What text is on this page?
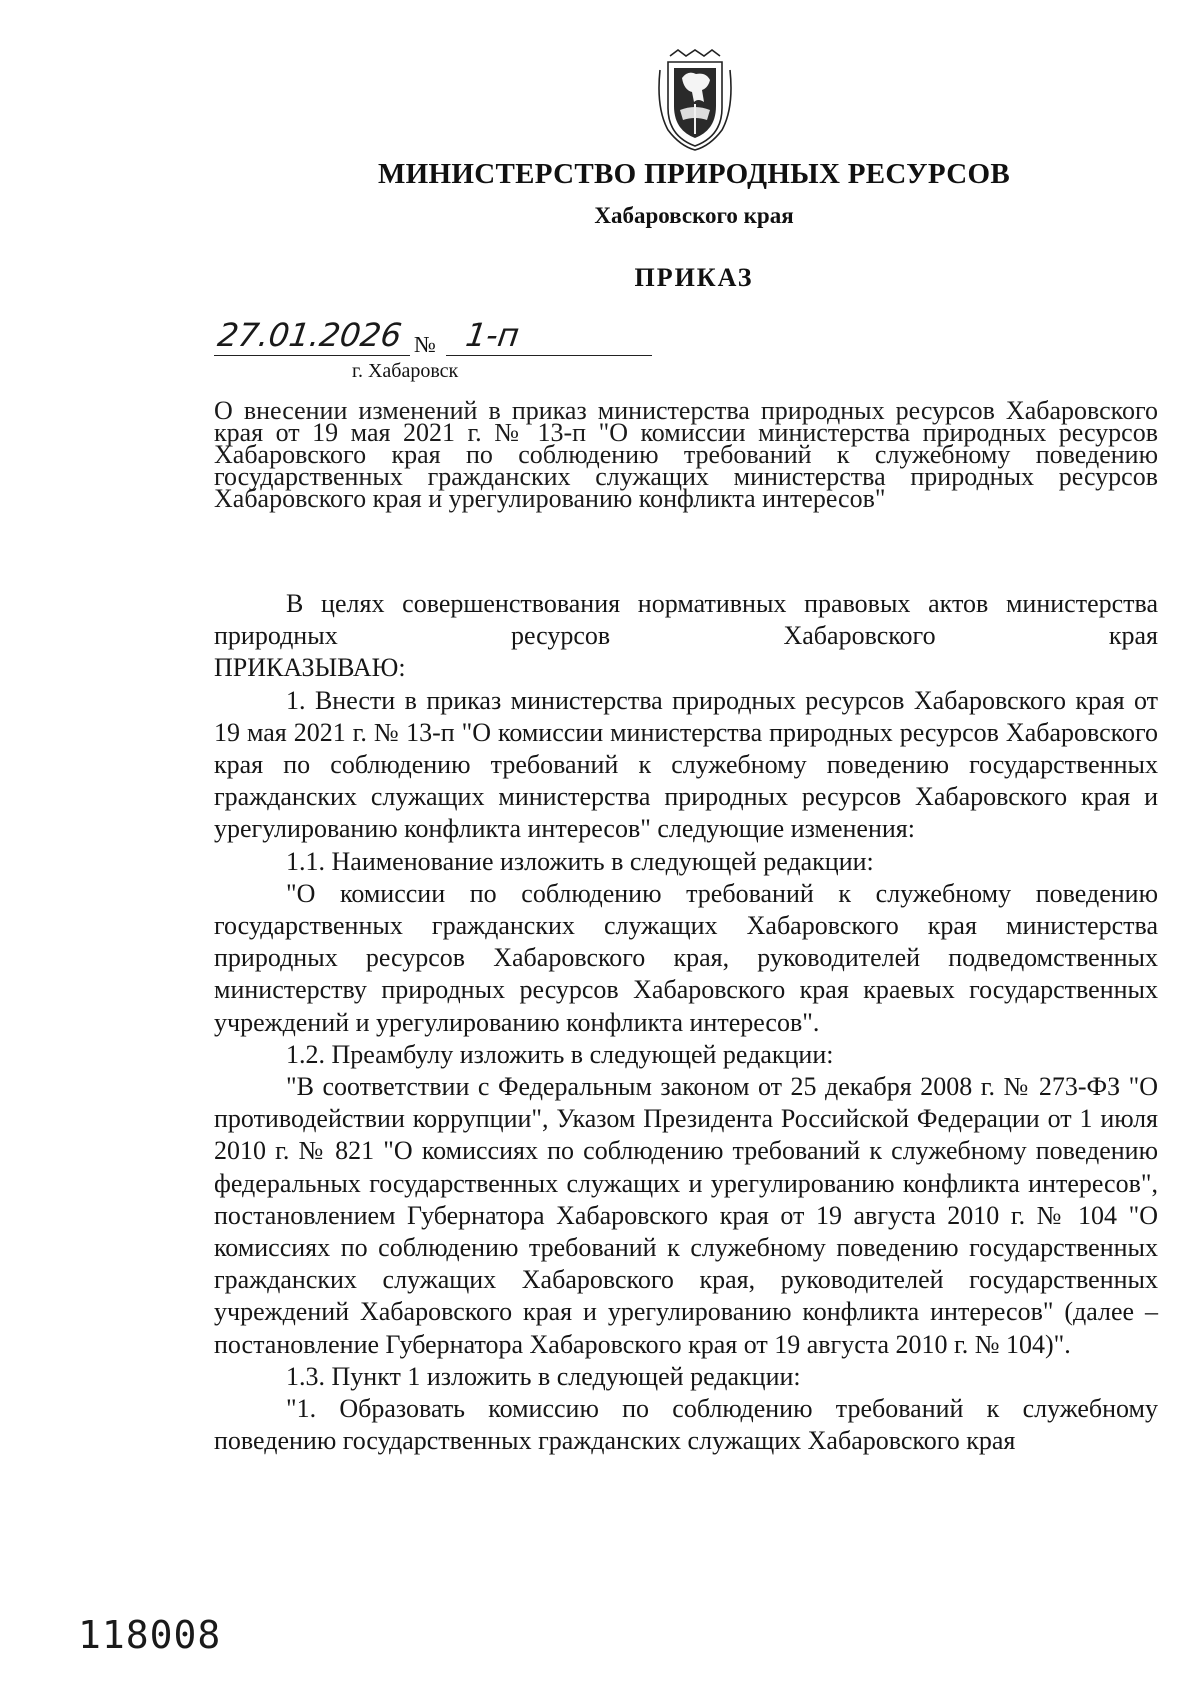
МИНИСТЕРСТВО ПРИРОДНЫХ РЕСУРСОВ
Хабаровского края
ПРИКАЗ
27.01.2026 № 1-п
г. Хабаровск
О внесении изменений в приказ министерства природных ресурсов Хабаровского края от 19 мая 2021 г. № 13-п "О комиссии министерства природных ресурсов Хабаровского края по соблюдению требований к служебному поведению государственных гражданских служащих министерства природных ресурсов Хабаровского края и урегулированию конфликта интересов"

В целях совершенствования нормативных правовых актов министерства природных ресурсов Хабаровского края

ПРИКАЗЫВАЮ:

1. Внести в приказ министерства природных ресурсов Хабаровского края от 19 мая 2021 г. № 13-п "О комиссии министерства природных ресурсов Хабаровского края по соблюдению требований к служебному поведению государственных гражданских служащих министерства природных ресурсов Хабаровского края и урегулированию конфликта интересов" следующие изменения:

1.1. Наименование изложить в следующей редакции:

"О комиссии по соблюдению требований к служебному поведению государственных гражданских служащих Хабаровского края министерства природных ресурсов Хабаровского края, руководителей подведомственных министерству природных ресурсов Хабаровского края краевых государственных учреждений и урегулированию конфликта интересов".

1.2. Преамбулу изложить в следующей редакции:

"В соответствии с Федеральным законом от 25 декабря 2008 г. № 273-ФЗ "О противодействии коррупции", Указом Президента Российской Федерации от 1 июля 2010 г. № 821 "О комиссиях по соблюдению требований к служебному поведению федеральных государственных служащих и урегулированию конфликта интересов", постановлением Губернатора Хабаровского края от 19 августа 2010 г. № 104 "О комиссиях по соблюдению требований к служебному поведению государственных гражданских служащих Хабаровского края, руководителей государственных учреждений Хабаровского края и урегулированию конфликта интересов" (далее – постановление Губернатора Хабаровского края от 19 августа 2010 г. № 104)".

1.3. Пункт 1 изложить в следующей редакции:

"1. Образовать комиссию по соблюдению требований к служебному поведению государственных гражданских служащих Хабаровского края

118008
